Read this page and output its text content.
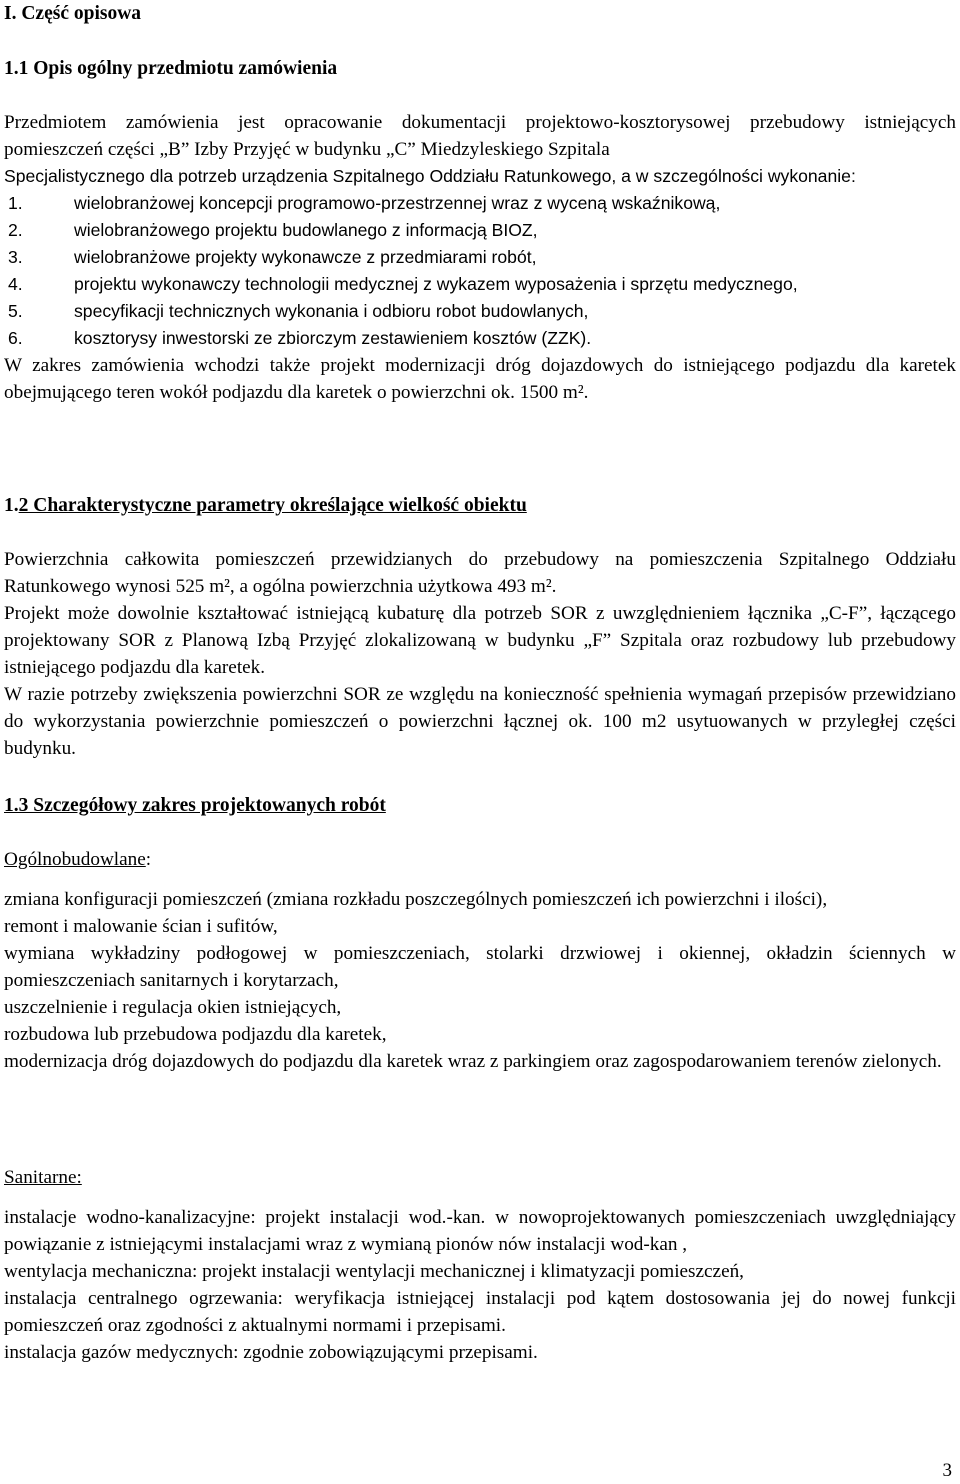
I. Część opisowa
1.1 Opis ogólny przedmiotu zamówienia

Przedmiotem zamówienia jest opracowanie dokumentacji projektowo-kosztorysowej przebudowy istniejących pomieszczeń części „B” Izby Przyjęć w budynku „C” Miedzyleskiego Szpitala

Specjalistycznego dla potrzeb urządzenia Szpitalnego Oddziału Ratunkowego, a w szczególności wykonanie:

1.	wielobranżowej koncepcji programowo-przestrzennej wraz z wyceną wskaźnikową,
2.	wielobranżowego projektu budowlanego z informacją BIOZ,
3.	wielobranżowe projekty wykonawcze z przedmiarami robót,
4.	projektu wykonawczy technologii medycznej z wykazem wyposażenia i sprzętu medycznego,
5.	specyfikacji technicznych wykonania i odbioru robot budowlanych,
6.	kosztorysy inwestorski ze zbiorczym zestawieniem kosztów (ZZK).

W zakres zamówienia wchodzi także projekt modernizacji dróg dojazdowych do istniejącego podjazdu dla karetek obejmującego teren wokół podjazdu dla karetek o powierzchni ok. 1500 m².

1.2 Charakterystyczne parametry określające wielkość obiektu

Powierzchnia całkowita pomieszczeń przewidzianych do przebudowy na pomieszczenia Szpitalnego Oddziału Ratunkowego wynosi 525 m², a ogólna powierzchnia użytkowa 493 m².

Projekt może dowolnie kształtować istniejącą kubaturę dla potrzeb SOR z uwzględnieniem łącznika „C-F”, łączącego projektowany SOR z Planową Izbą Przyjęć zlokalizowaną w budynku „F” Szpitala oraz rozbudowy lub przebudowy istniejącego podjazdu dla karetek.

W razie potrzeby zwiększenia powierzchni SOR ze względu na konieczność spełnienia wymagań przepisów przewidziano do wykorzystania powierzchnie pomieszczeń o powierzchni łącznej ok. 100 m2 usytuowanych w przyległej części budynku.

1.3 Szczegółowy zakres projektowanych robót
Ogólnobudowlane:

zmiana konfiguracji pomieszczeń (zmiana rozkładu poszczególnych pomieszczeń ich powierzchni i ilości),

remont i malowanie ścian i sufitów,

wymiana wykładziny podłogowej w pomieszczeniach, stolarki drzwiowej i okiennej, okładzin ściennych w pomieszczeniach sanitarnych i korytarzach,

uszczelnienie i regulacja okien istniejących,

rozbudowa lub przebudowa podjazdu dla karetek,

modernizacja dróg dojazdowych do podjazdu dla karetek wraz z parkingiem oraz zagospodarowaniem terenów zielonych.

Sanitarne:

instalacje wodno-kanalizacyjne: projekt instalacji wod.-kan. w nowoprojektowanych pomieszczeniach uwzględniający powiązanie z istniejącymi instalacjami wraz z wymianą pionów nów instalacji wod-kan ,

wentylacja mechaniczna: projekt instalacji wentylacji mechanicznej i klimatyzacji pomieszczeń,

instalacja centralnego ogrzewania: weryfikacja istniejącej instalacji pod kątem dostosowania jej do nowej funkcji pomieszczeń oraz zgodności z aktualnymi normami i przepisami.

instalacja gazów medycznych: zgodnie zobowiązującymi przepisami.

3
